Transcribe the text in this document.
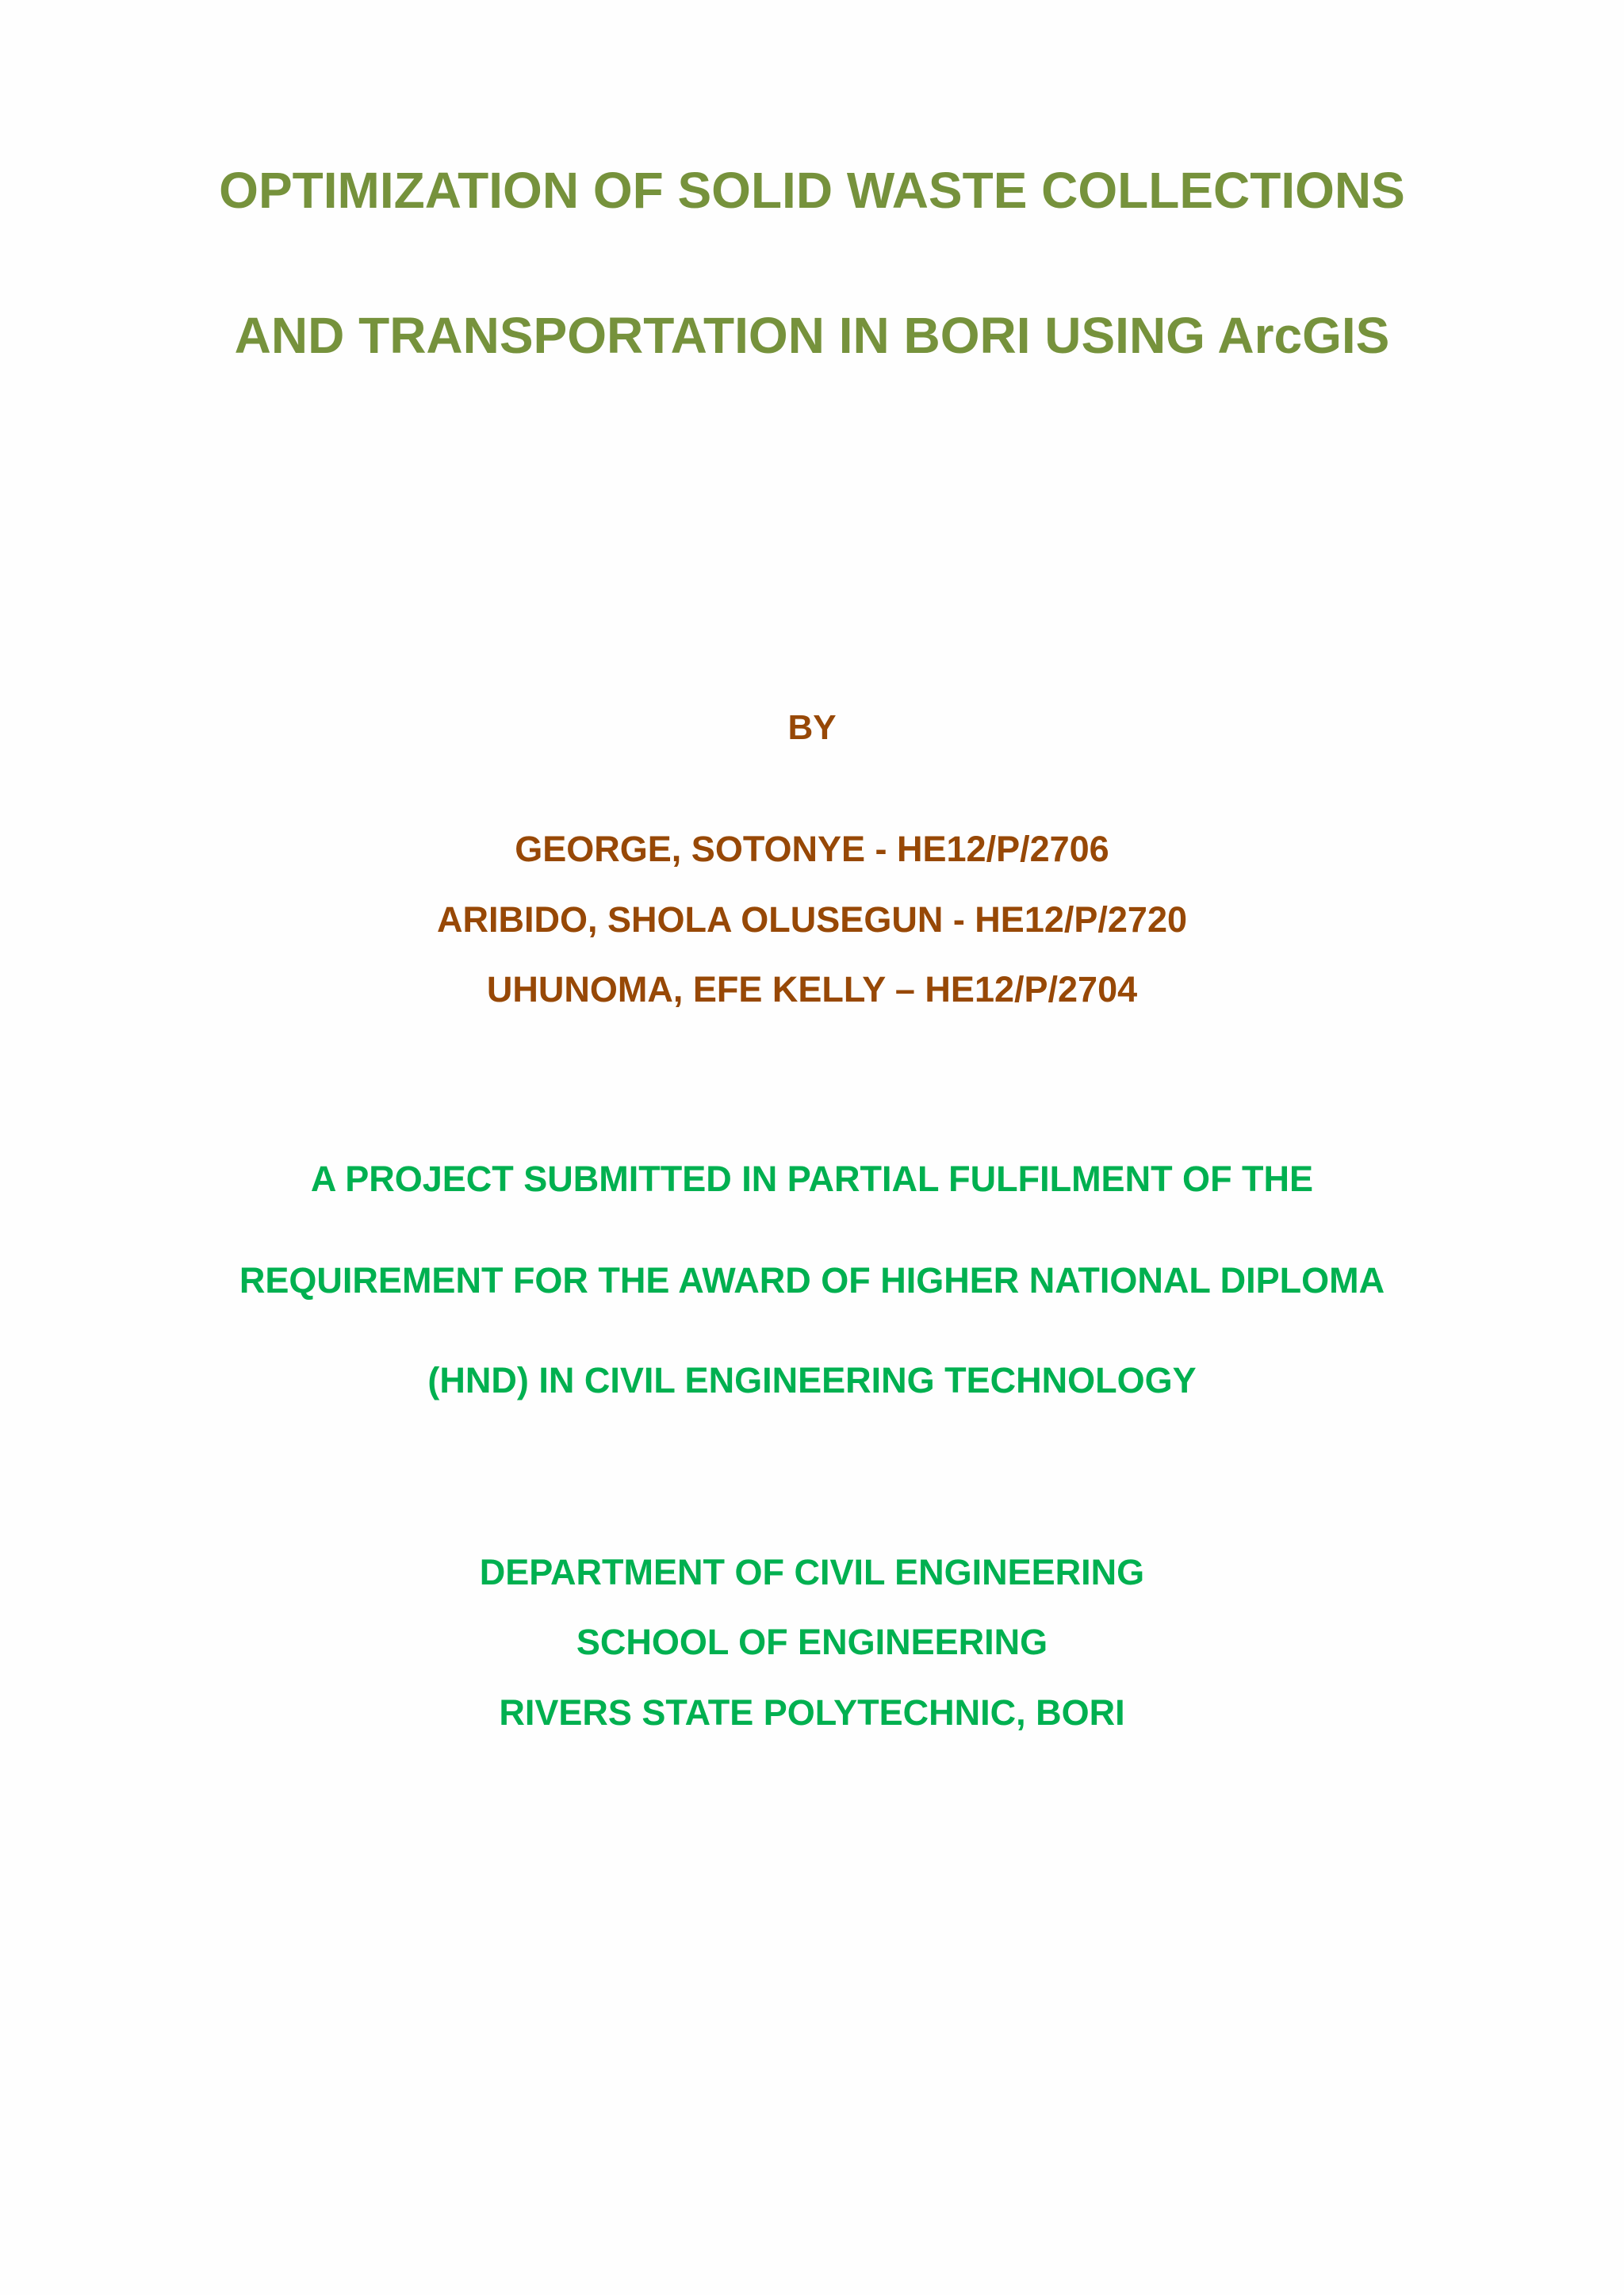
OPTIMIZATION OF SOLID WASTE COLLECTIONS
AND TRANSPORTATION IN BORI USING ArcGIS
BY
GEORGE, SOTONYE - HE12/P/2706
ARIBIDO, SHOLA OLUSEGUN - HE12/P/2720
UHUNOMA, EFE KELLY – HE12/P/2704
A PROJECT SUBMITTED IN PARTIAL FULFILMENT OF THE
REQUIREMENT FOR THE AWARD OF HIGHER NATIONAL DIPLOMA
(HND) IN CIVIL ENGINEERING TECHNOLOGY
DEPARTMENT OF CIVIL ENGINEERING
SCHOOL OF ENGINEERING
RIVERS STATE POLYTECHNIC, BORI
